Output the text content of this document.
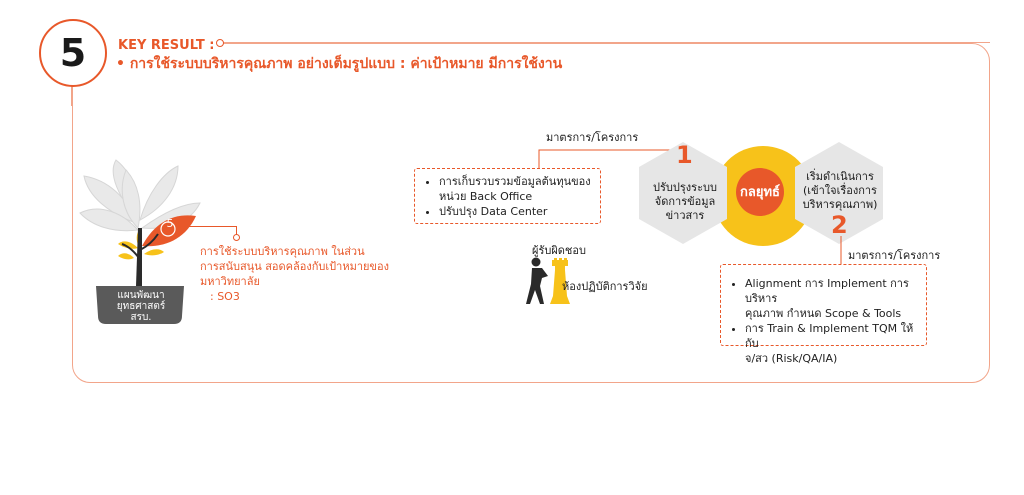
5	KEY RESULT :
• การใช้ระบบบริหารคุณภาพ อย่างเต็มรูปแบบ : ค่าเป้าหมาย มีการใช้งาน
5
แผนพัฒนา
ยุทธศาสตร์
สรบ.
การใช้ระบบบริหารคุณภาพ ในส่วน
การสนับสนุน สอดคล้องกับเป้าหมายของ
มหาวิทยาลัย
: SO3
มาตรการ/โครงการ
• การเก็บรวบรวมข้อมูลต้นทุนของ
หน่วย Back Office
• ปรับปรุง Data Center
ผู้รับผิดชอบ
ห้องปฏิบัติการวิจัย
1
ปรับปรุงระบบ
จัดการข้อมูล
ข่าวสาร
กลยุทธ์
เริ่มดำเนินการ
(เข้าใจเรื่องการ
บริหารคุณภาพ)
2
มาตรการ/โครงการ
• Alignment การ Implement การบริหาร
คุณภาพ กำหนด Scope & Tools
• การ Train & Implement TQM ให้กับ
จ/สว (Risk/QA/IA)
